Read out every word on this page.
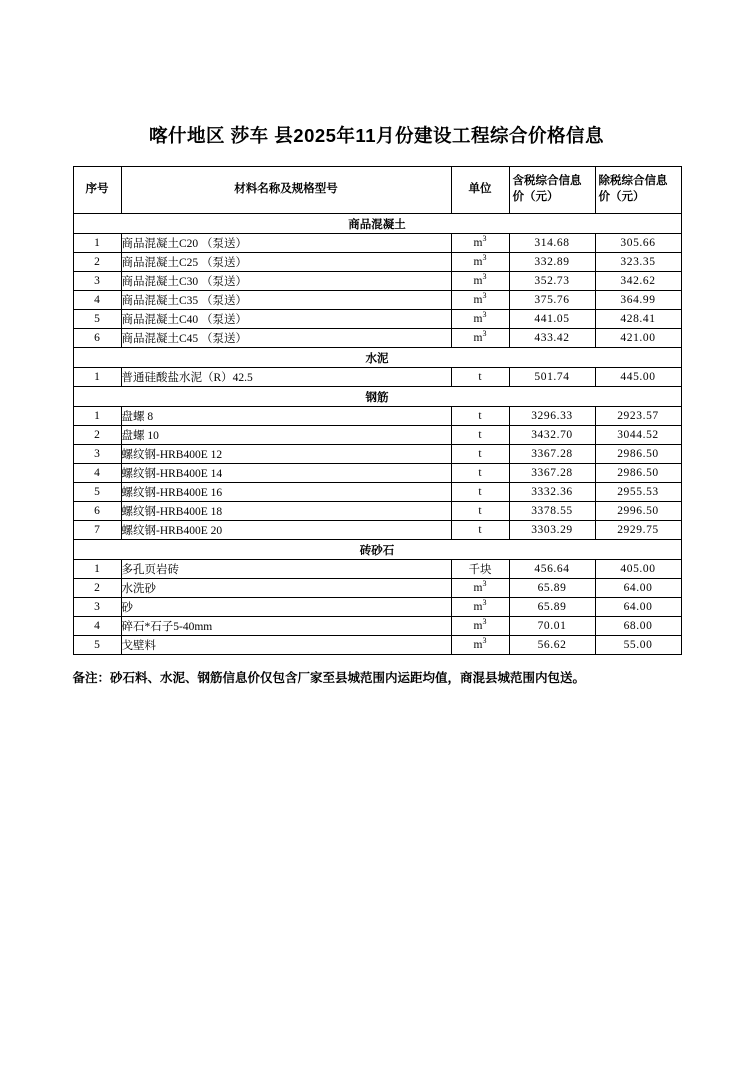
喀什地区 莎车 县2025年11月份建设工程综合价格信息
序号	材料名称及规格型号	单位	含税综合信息价（元）	除税综合信息价（元）
商品混凝土				
1	商品混凝土C20 （泵送）	$m^3$	314.68	305.66
2	商品混凝土C25 （泵送）	$m^3$	332.89	323.35
3	商品混凝土C30 （泵送）	$m^3$	352.73	342.62
4	商品混凝土C35 （泵送）	$m^3$	375.76	364.99
5	商品混凝土C40 （泵送）	$m^3$	441.05	428.41
6	商品混凝土C45 （泵送）	$m^3$	433.42	421.00
水泥				
1	普通硅酸盐水泥（R）42.5	t	501.74	445.00
钢筋				
1	盘螺 8	t	3296.33	2923.57
2	盘螺 10	t	3432.70	3044.52
3	螺纹钢-HRB400E 12	t	3367.28	2986.50
4	螺纹钢-HRB400E 14	t	3367.28	2986.50
5	螺纹钢-HRB400E 16	t	3332.36	2955.53
6	螺纹钢-HRB400E 18	t	3378.55	2996.50
7	螺纹钢-HRB400E 20	t	3303.29	2929.75
砖砂石				
1	多孔页岩砖	千块	456.64	405.00
2	水洗砂	$m^3$	65.89	64.00
3	砂	$m^3$	65.89	64.00
4	碎石*石子5-40mm	$m^3$	70.01	68.00
5	戈壁料	$m^3$	56.62	55.00
备注：砂石料、水泥、钢筋信息价仅包含厂家至县城范围内运距均值，商混县城范围内包送。
